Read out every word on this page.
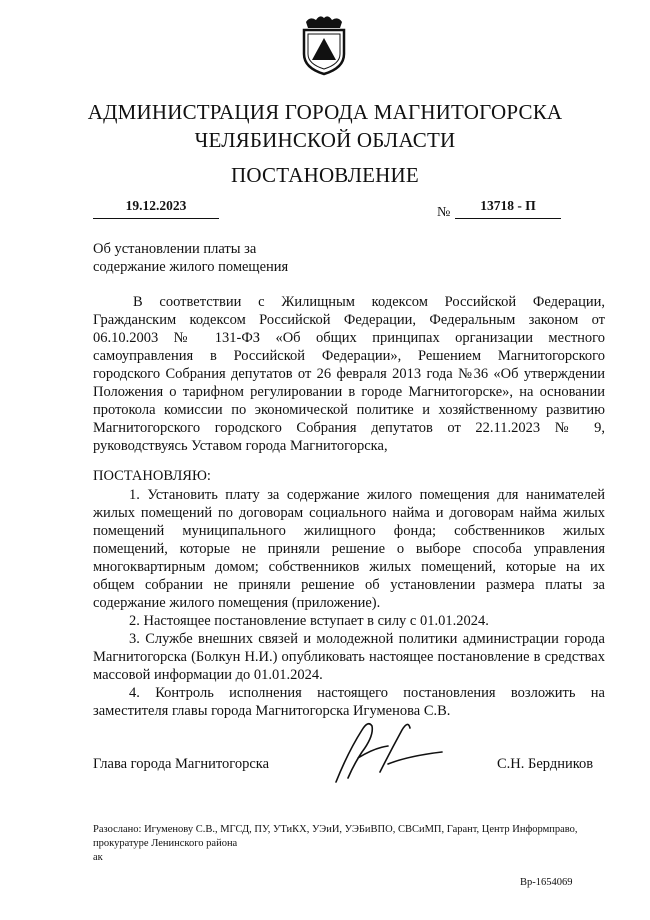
АДМИНИСТРАЦИЯ ГОРОДА МАГНИТОГОРСКА
ЧЕЛЯБИНСКОЙ ОБЛАСТИ
ПОСТАНОВЛЕНИЕ
19.12.2023	№	13718 - П
Об установлении платы за
содержание жилого помещения

В соответствии с Жилищным кодексом Российской Федерации, Гражданским кодексом Российской Федерации, Федеральным законом от 06.10.2003 № 131-ФЗ «Об общих принципах организации местного самоуправления в Российской Федерации», Решением Магнитогорского городского Собрания депутатов от 26 февраля 2013 года №36 «Об утверждении Положения о тарифном регулировании в городе Магнитогорске», на основании протокола комиссии по экономической политике и хозяйственному развитию Магнитогорского городского Собрания депутатов от 22.11.2023 № 9, руководствуясь Уставом города Магнитогорска,

ПОСТАНОВЛЯЮ:

1. Установить плату за содержание жилого помещения для нанимателей жилых помещений по договорам социального найма и договорам найма жилых помещений муниципального жилищного фонда; собственников жилых помещений, которые не приняли решение о выборе способа управления многоквартирным домом; собственников жилых помещений, которые на их общем собрании не приняли решение об установлении размера платы за содержание жилого помещения (приложение).

2. Настоящее постановление вступает в силу с 01.01.2024.

3. Службе внешних связей и молодежной политики администрации города Магнитогорска (Болкун Н.И.) опубликовать настоящее постановление в средствах массовой информации до 01.01.2024.

4. Контроль исполнения настоящего постановления возложить на заместителя главы города Магнитогорска Игуменова С.В.

Глава города Магнитогорска	С.Н. Бердников
Разослано: Игуменову С.В., МГСД, ПУ, УТиКХ, УЭиИ, УЭБиВПО, СВСиМП, Гарант, Центр Информправо,
прокуратуре Ленинского района
ак
Вр-1654069
